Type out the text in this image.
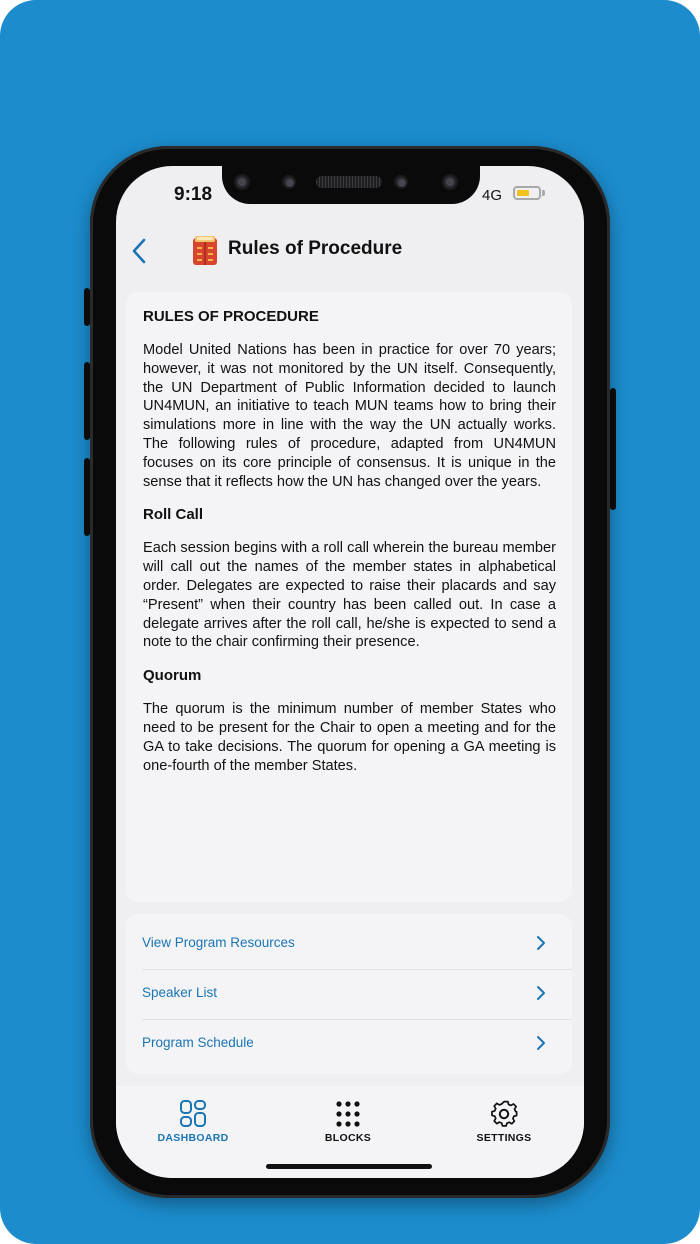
9:18	4G
Rules of Procedure
RULES OF PROCEDURE

Model United Nations has been in practice for over 70 years; however, it was not monitored by the UN itself. Consequently, the UN Department of Public Information decided to launch UN4MUN, an initiative to teach MUN teams how to bring their simulations more in line with the way the UN actually works. The following rules of procedure, adapted from UN4MUN focuses on its core principle of consensus. It is unique in the sense that it reflects how the UN has changed over the years.

Roll Call

Each session begins with a roll call wherein the bureau member will call out the names of the member states in alphabetical order. Delegates are expected to raise their placards and say “Present” when their country has been called out. In case a delegate arrives after the roll call, he/she is expected to send a note to the chair confirming their presence.

Quorum

The quorum is the minimum number of member States who need to be present for the Chair to open a meeting and for the GA to take decisions. The quorum for opening a GA meeting is one-fourth of the member States.

View Program Resources
Speaker List
Program Schedule
DASHBOARD	BLOCKS	SETTINGS
